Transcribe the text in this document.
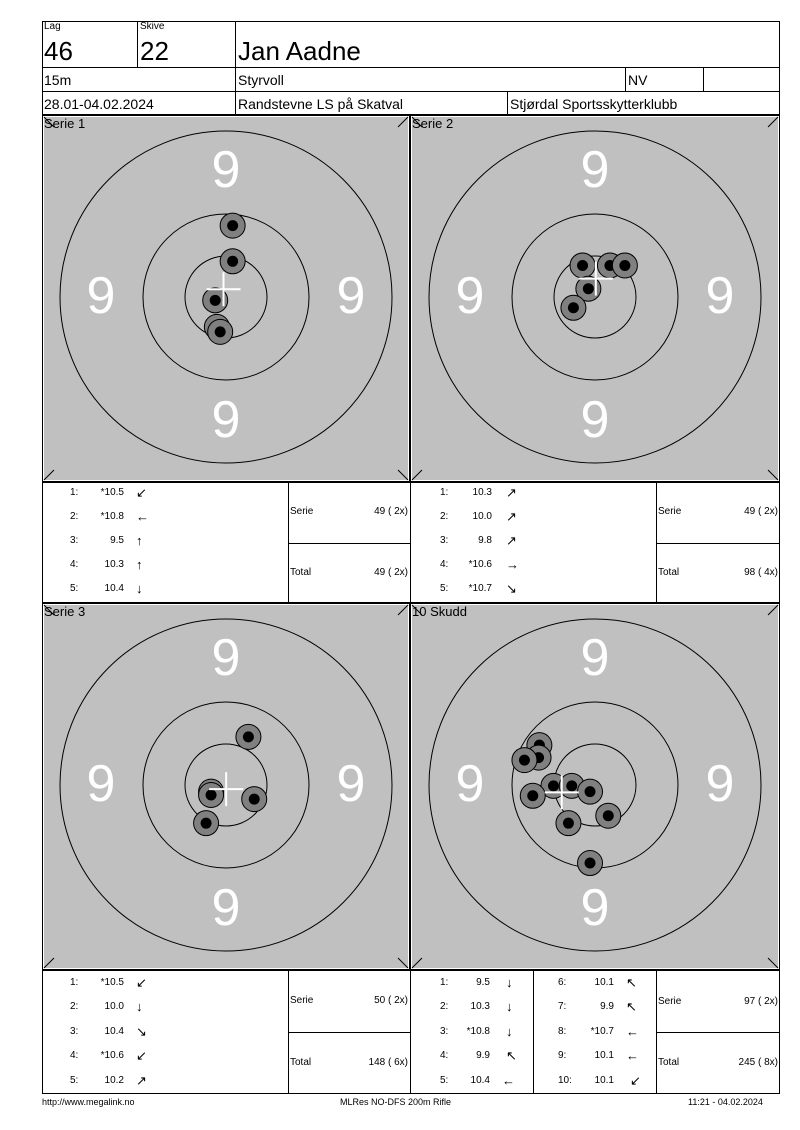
Lag
46
Skive
22	Jan Aadne
15m	Styrvoll	NV
28.01-04.02.2024	Randstevne LS på Skatval	Stjørdal Sportsskytterklubb
9
9
9	9
Serie 1
9
9
9	9
Serie 2
9
9
9	9
Serie 3
9
9
9	9
10 Skudd
1:	*10.5 ↙
2:	*10.8 ←
3:	9.5 ↑
4:	10.3 ↑
5:	10.4 ↓
Serie	49 ( 2x)
Total	49 ( 2x)
1:	10.3 ↗
2:	10.0 ↗
3:	9.8 ↗
4:	*10.6 →
5:	*10.7 ↘
Serie	49 ( 2x)
Total	98 ( 4x)
1:	*10.5 ↙
2:	10.0 ↓
3:	10.4 ↘
4:	*10.6 ↙
5:	10.2 ↗
Serie	50 ( 2x)
Total	148 ( 6x)
1:	9.5 ↓
2:	10.3 ↓
3:	*10.8 ↓
4:	9.9 ↖
5:	10.4 ←
6:	10.1 ↖
7:	9.9 ↖
8:	*10.7 ←
9:	10.1 ←
10:	10.1 ↙
Serie	97 ( 2x)
Total	245 ( 8x)
http://www.megalink.no	MLRes NO-DFS 200m Rifle	11:21 - 04.02.2024
